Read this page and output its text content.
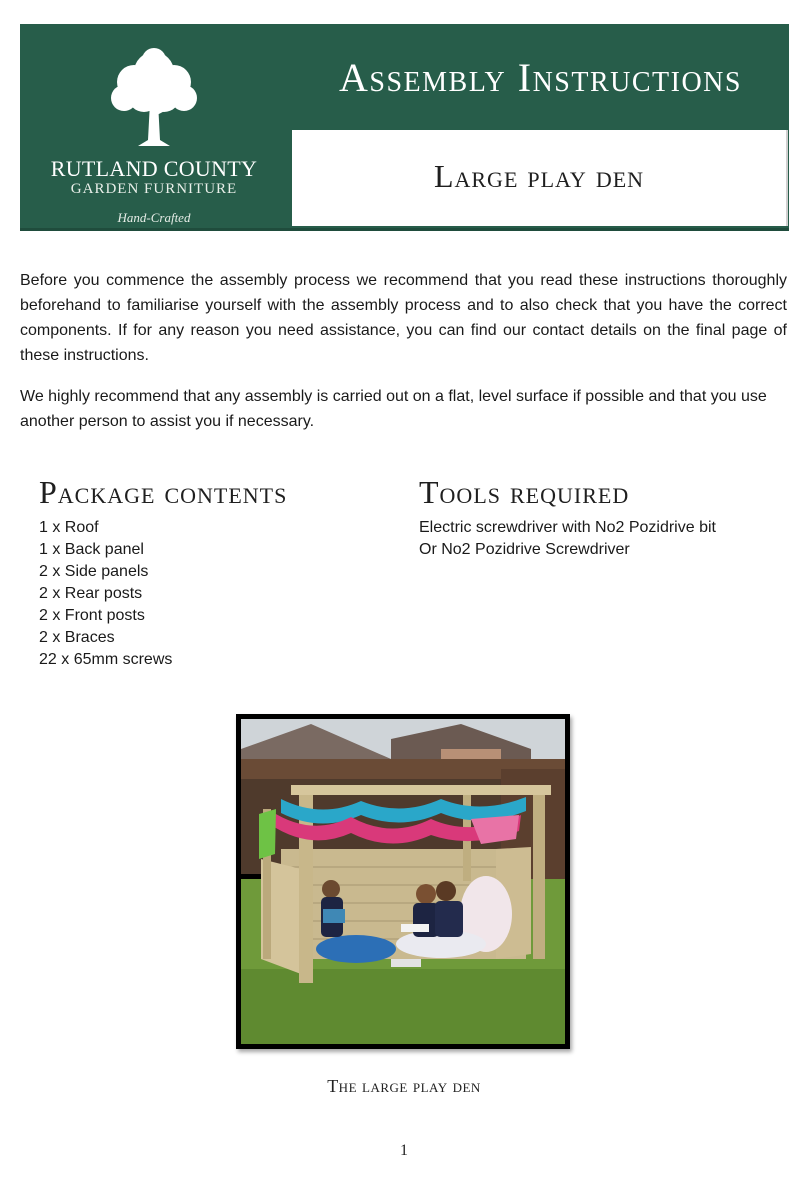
RUTLAND COUNTY
GARDEN FURNITURE
Hand-Crafted
Assembly Instructions
Large play den

Before you commence the assembly process we recommend that you read these instructions thoroughly beforehand to familiarise yourself with the assembly process and to also check that you have the correct components. If for any reason you need assistance, you can find our contact details on the final page of these instructions.

We highly recommend that any assembly is carried out on a flat, level surface if possible and that you use another person to assist you if necessary.

Package contents
1 x Roof
1 x Back panel
2 x Side panels
2 x Rear posts
2 x Front posts
2 x Braces
22 x 65mm screws
Tools required
Electric screwdriver with No2 Pozidrive bit
Or No2 Pozidrive Screwdriver
The large play den
1
